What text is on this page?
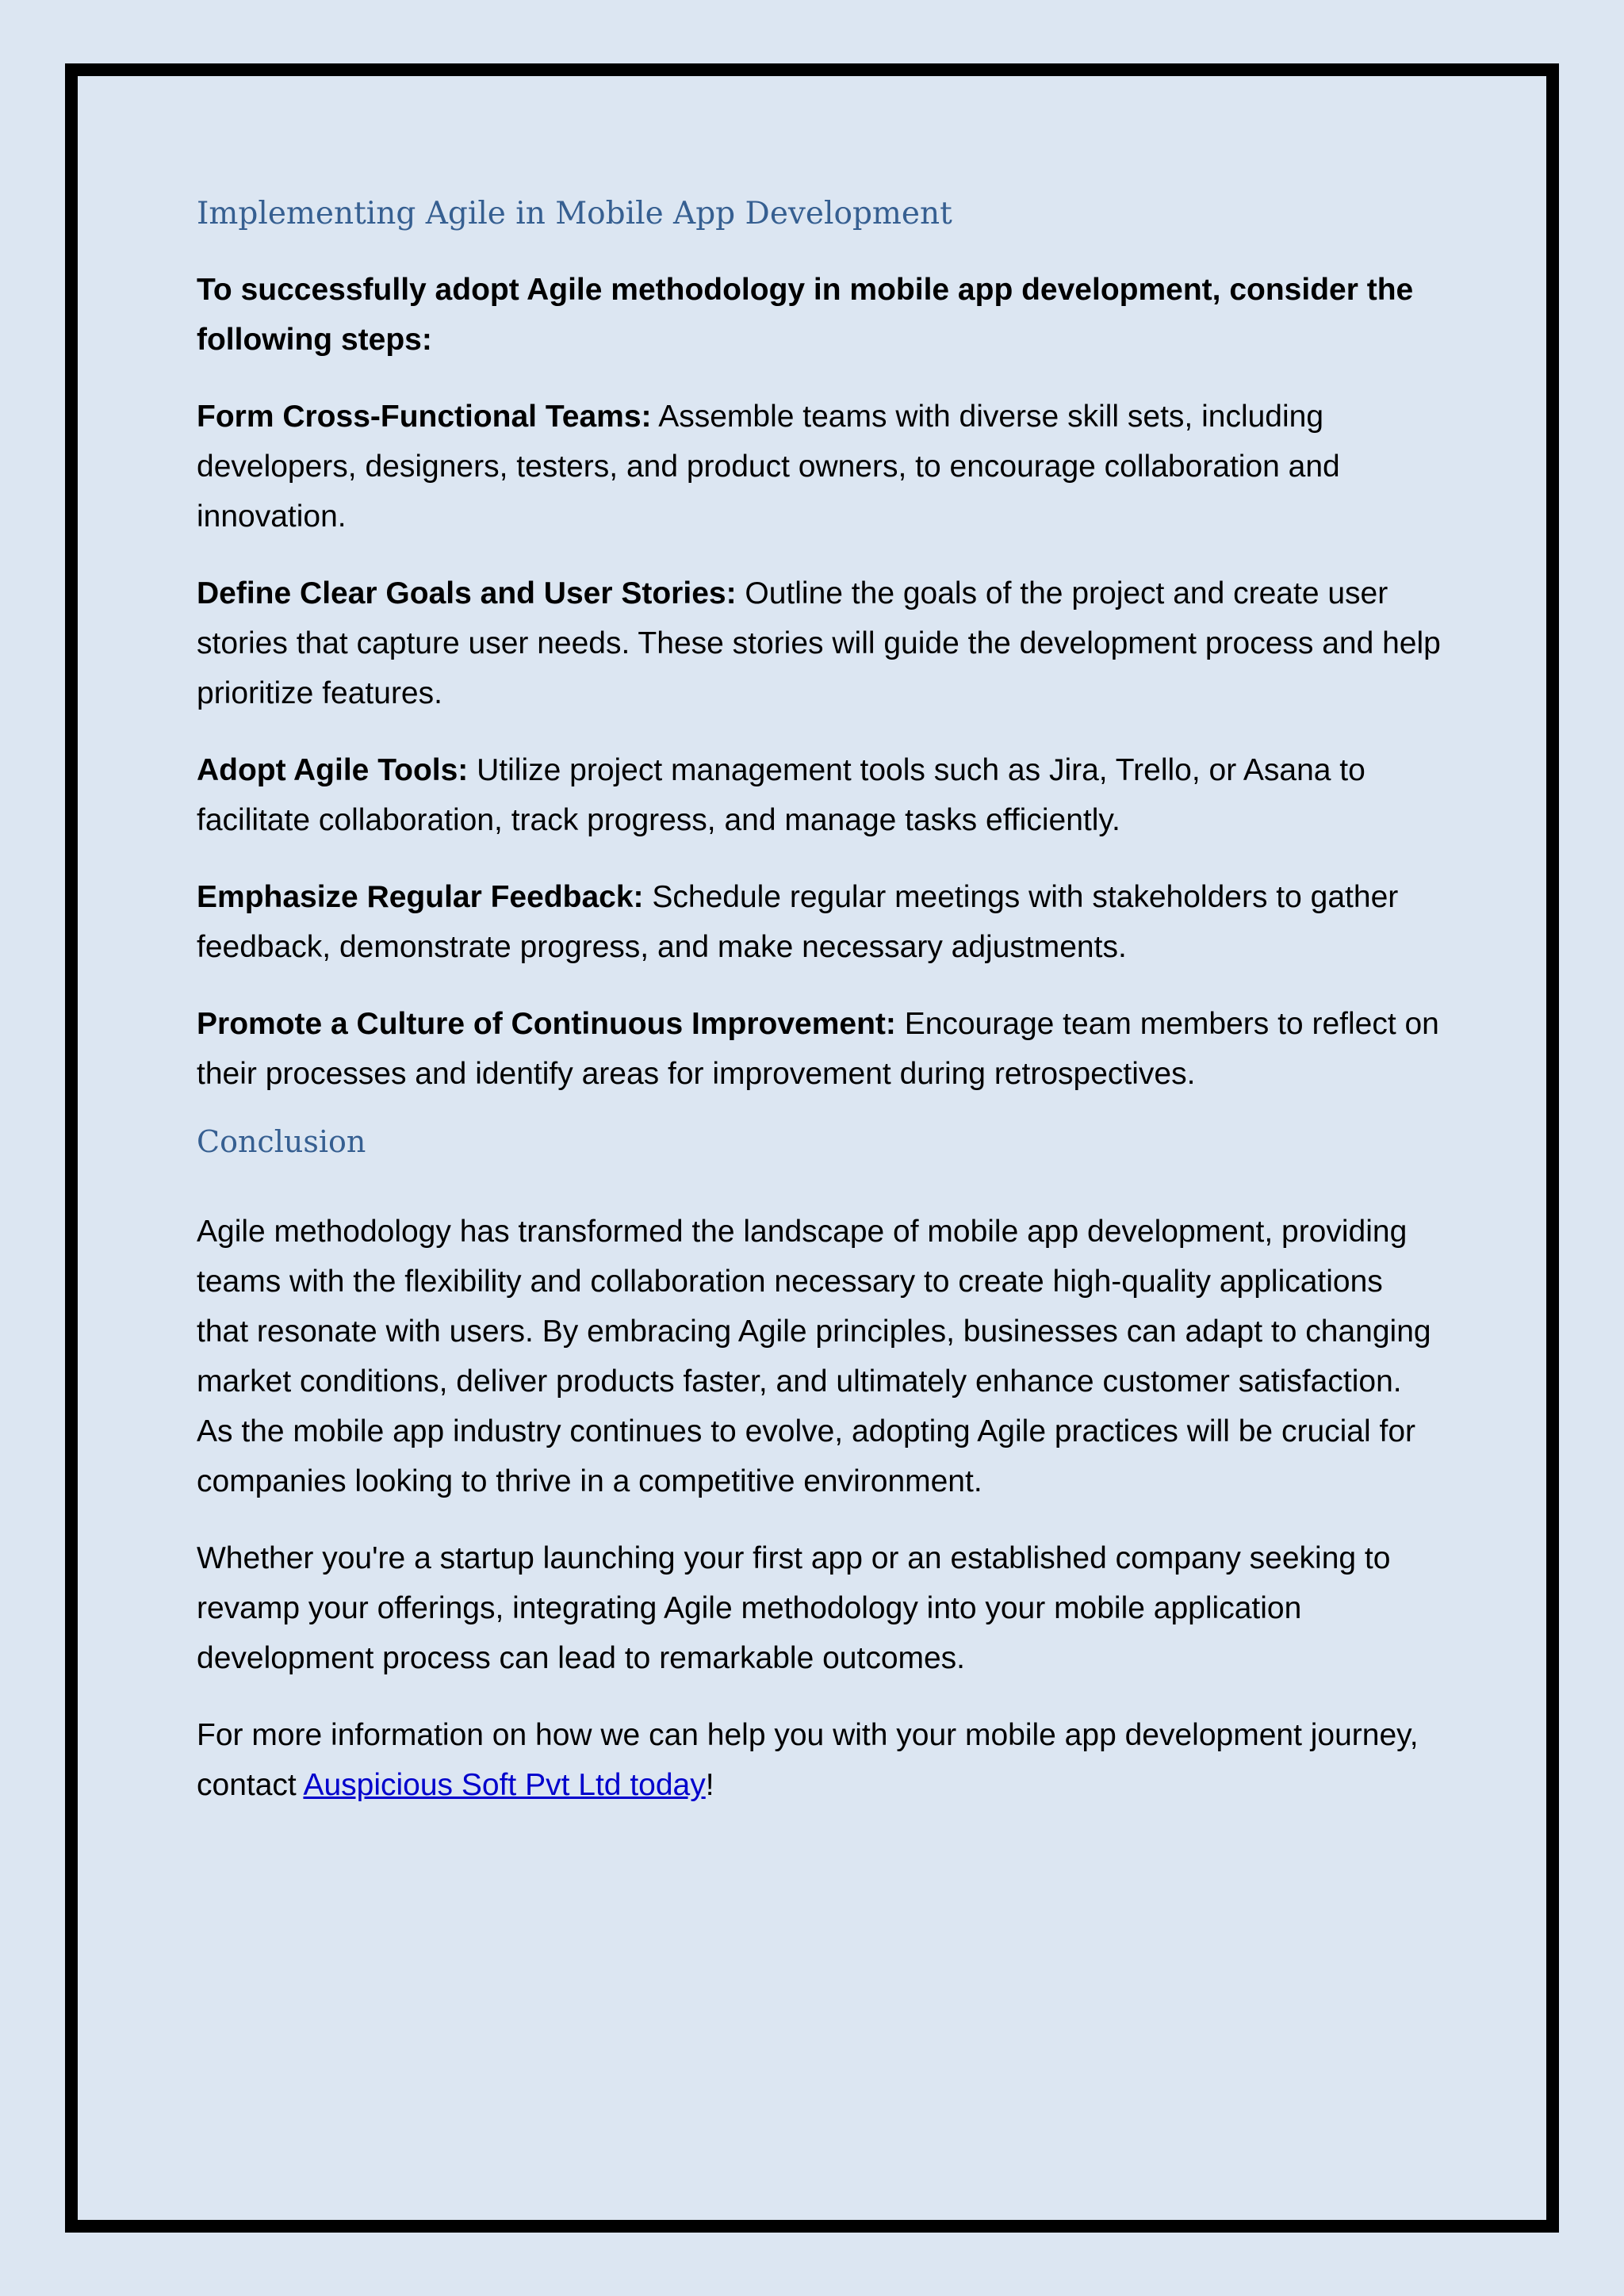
Implementing Agile in Mobile App Development

To successfully adopt Agile methodology in mobile app development, consider the following steps:

Form Cross-Functional Teams: Assemble teams with diverse skill sets, including developers, designers, testers, and product owners, to encourage collaboration and innovation.

Define Clear Goals and User Stories: Outline the goals of the project and create user stories that capture user needs. These stories will guide the development process and help prioritize features.

Adopt Agile Tools: Utilize project management tools such as Jira, Trello, or Asana to facilitate collaboration, track progress, and manage tasks efficiently.

Emphasize Regular Feedback: Schedule regular meetings with stakeholders to gather feedback, demonstrate progress, and make necessary adjustments.

Promote a Culture of Continuous Improvement: Encourage team members to reflect on their processes and identify areas for improvement during retrospectives.

Conclusion

Agile methodology has transformed the landscape of mobile app development, providing teams with the flexibility and collaboration necessary to create high-quality applications that resonate with users. By embracing Agile principles, businesses can adapt to changing market conditions, deliver products faster, and ultimately enhance customer satisfaction. As the mobile app industry continues to evolve, adopting Agile practices will be crucial for companies looking to thrive in a competitive environment.

Whether you're a startup launching your first app or an established company seeking to revamp your offerings, integrating Agile methodology into your mobile application development process can lead to remarkable outcomes.

For more information on how we can help you with your mobile app development journey, contact Auspicious Soft Pvt Ltd today!
